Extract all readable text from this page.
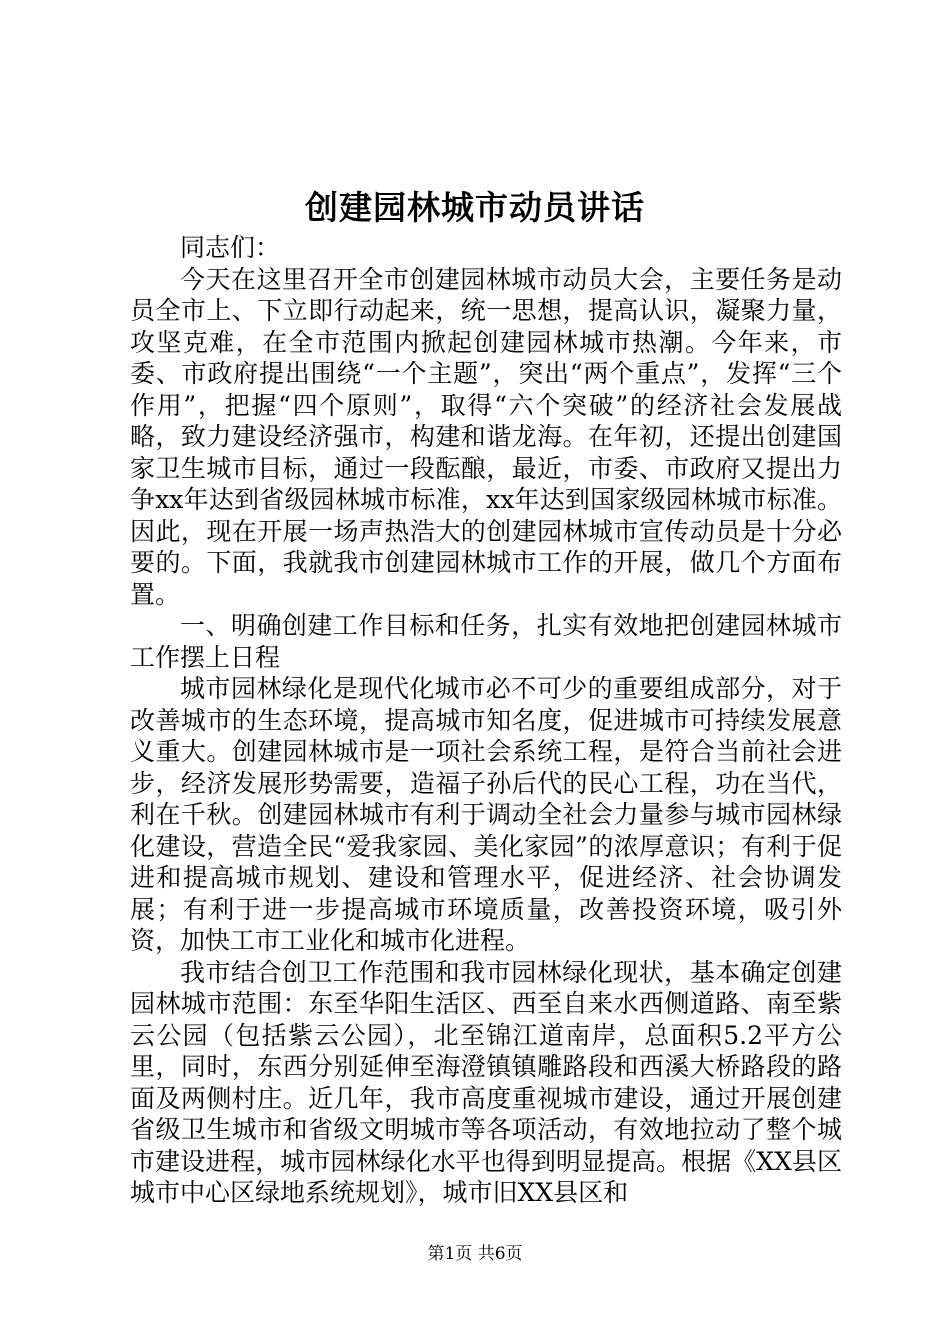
创建园林城市动员讲话

同志们：

今天在这里召开全市创建园林城市动员大会，主要任务是动员全市上、下立即行动起来，统一思想，提高认识，凝聚力量，攻坚克难，在全市范围内掀起创建园林城市热潮。今年来，市委、市政府提出围绕“一个主题”，突出“两个重点”，发挥“三个作用”，把握“四个原则”，取得“六个突破”的经济社会发展战略，致力建设经济强市，构建和谐龙海。在年初，还提出创建国家卫生城市目标，通过一段酝酿，最近，市委、市政府又提出力争xx年达到省级园林城市标准，xx年达到国家级园林城市标准。因此，现在开展一场声热浩大的创建园林城市宣传动员是十分必要的。下面，我就我市创建园林城市工作的开展，做几个方面布置。

一、明确创建工作目标和任务，扎实有效地把创建园林城市工作摆上日程

城市园林绿化是现代化城市必不可少的重要组成部分，对于改善城市的生态环境，提高城市知名度，促进城市可持续发展意义重大。创建园林城市是一项社会系统工程，是符合当前社会进步，经济发展形势需要，造福子孙后代的民心工程，功在当代，利在千秋。创建园林城市有利于调动全社会力量参与城市园林绿化建设，营造全民“爱我家园、美化家园”的浓厚意识；有利于促进和提高城市规划、建设和管理水平，促进经济、社会协调发展；有利于进一步提高城市环境质量，改善投资环境，吸引外资，加快工市工业化和城市化进程。

我市结合创卫工作范围和我市园林绿化现状，基本确定创建园林城市范围：东至华阳生活区、西至自来水西侧道路、南至紫云公园（包括紫云公园），北至锦江道南岸，总面积5.2平方公里，同时，东西分别延伸至海澄镇镇雕路段和西溪大桥路段的路面及两侧村庄。近几年，我市高度重视城市建设，通过开展创建省级卫生城市和省级文明城市等各项活动，有效地拉动了整个城市建设进程，城市园林绿化水平也得到明显提高。根据《XX县区城市中心区绿地系统规划》，城市旧XX县区和

第1页 共6页
